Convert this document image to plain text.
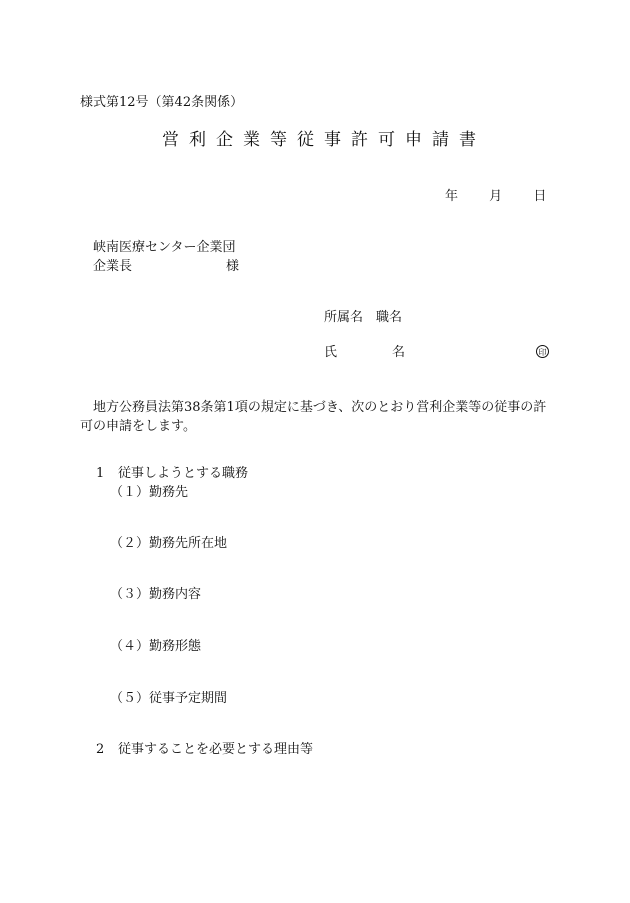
様式第12号（第42条関係）
営利企業等従事許可申請書
年 月 日
峡南医療センター企業団
企業長	様
所属名 職名
氏	名	印
地方公務員法第38条第1項の規定に基づき、次のとおり営利企業等の従事の許可の申請をします。
1 従事しようとする職務
（１）勤務先
（２）勤務先所在地
（３）勤務内容
（４）勤務形態
（５）従事予定期間
2 従事することを必要とする理由等
